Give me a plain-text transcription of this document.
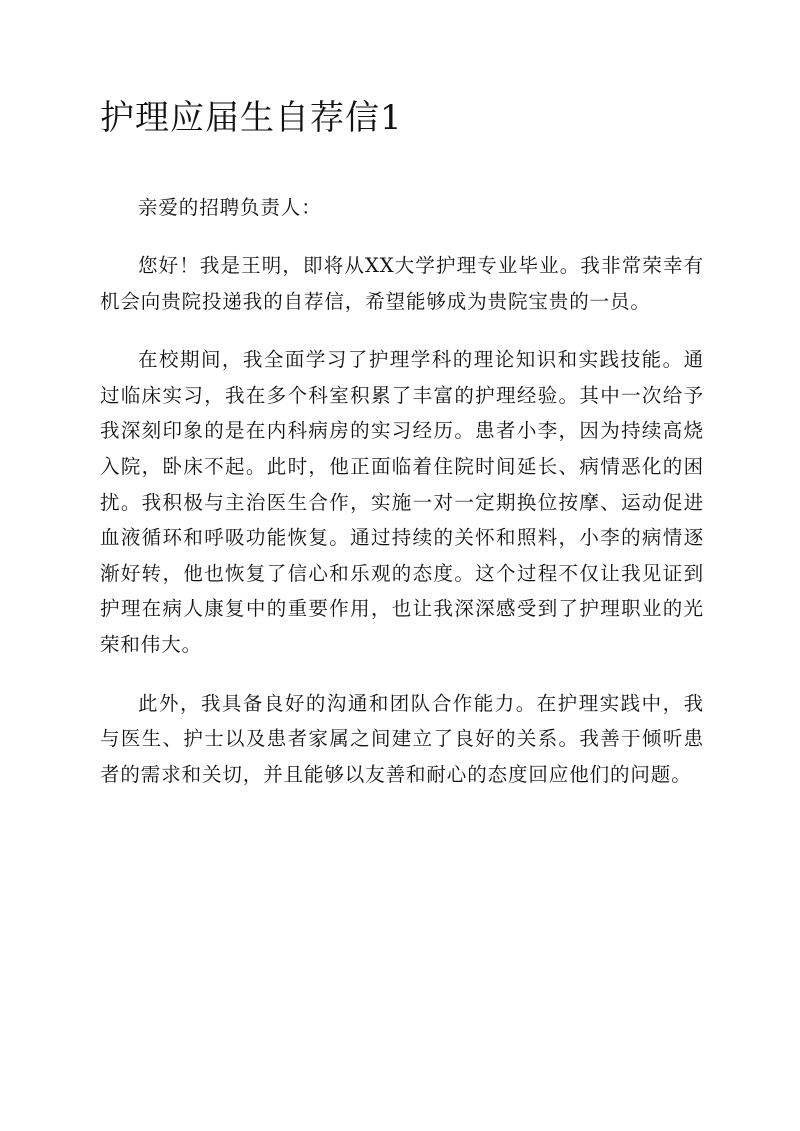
护理应届生自荐信1

亲爱的招聘负责人：

您好！我是王明，即将从XX大学护理专业毕业。我非常荣幸有机会向贵院投递我的自荐信，希望能够成为贵院宝贵的一员。

在校期间，我全面学习了护理学科的理论知识和实践技能。通过临床实习，我在多个科室积累了丰富的护理经验。其中一次给予我深刻印象的是在内科病房的实习经历。患者小李，因为持续高烧入院，卧床不起。此时，他正面临着住院时间延长、病情恶化的困扰。我积极与主治医生合作，实施一对一定期换位按摩、运动促进血液循环和呼吸功能恢复。通过持续的关怀和照料，小李的病情逐渐好转，他也恢复了信心和乐观的态度。这个过程不仅让我见证到护理在病人康复中的重要作用，也让我深深感受到了护理职业的光荣和伟大。

此外，我具备良好的沟通和团队合作能力。在护理实践中，我与医生、护士以及患者家属之间建立了良好的关系。我善于倾听患者的需求和关切，并且能够以友善和耐心的态度回应他们的问题。
